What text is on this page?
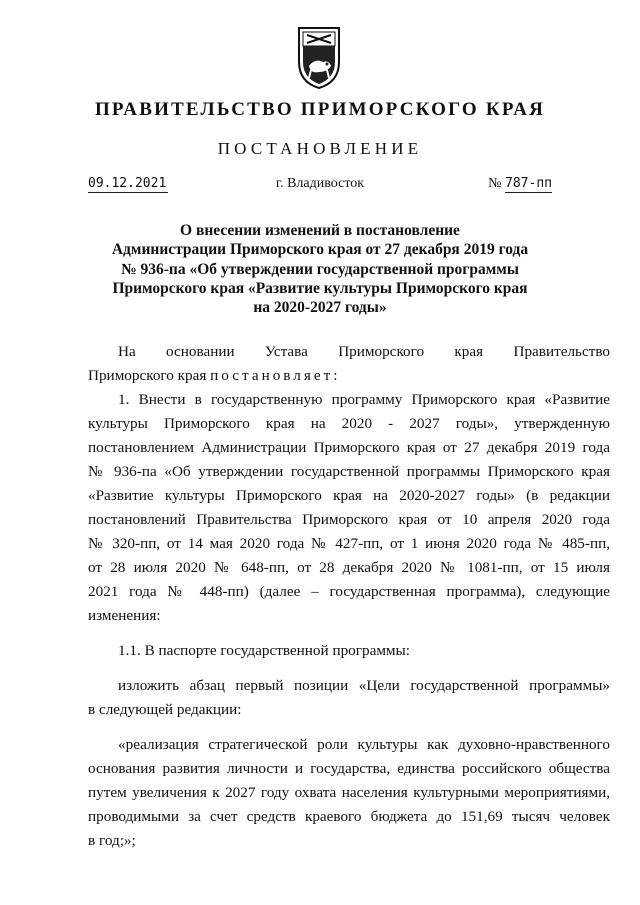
ПРАВИТЕЛЬСТВО ПРИМОРСКОГО КРАЯ
ПОСТАНОВЛЕНИЕ
09.12.2021	г. Владивосток	№ 787-пп
О внесении изменений в постановление
Администрации Приморского края от 27 декабря 2019 года
№ 936-па «Об утверждении государственной программы
Приморского края «Развитие культуры Приморского края
на 2020-2027 годы»
На основании Устава Приморского края Правительство
Приморского края постановляет:
1. Внести в государственную программу Приморского края «Развитие
культуры Приморского края на 2020 - 2027 годы», утвержденную
постановлением Администрации Приморского края от 27 декабря 2019 года
№ 936-па «Об утверждении государственной программы Приморского края
«Развитие культуры Приморского края на 2020-2027 годы» (в редакции
постановлений Правительства Приморского края от 10 апреля 2020 года
№ 320-пп, от 14 мая 2020 года № 427-пп, от 1 июня 2020 года № 485-пп,
от 28 июля 2020 № 648-пп, от 28 декабря 2020 № 1081-пп, от 15 июля
2021 года № 448-пп) (далее – государственная программа), следующие
изменения:
1.1. В паспорте государственной программы:
изложить абзац первый позиции «Цели государственной программы»
в следующей редакции:
«реализация стратегической роли культуры как духовно-нравственного
основания развития личности и государства, единства российского общества
путем увеличения к 2027 году охвата населения культурными мероприятиями,
проводимыми за счет средств краевого бюджета до 151,69 тысяч человек
в год;»;
